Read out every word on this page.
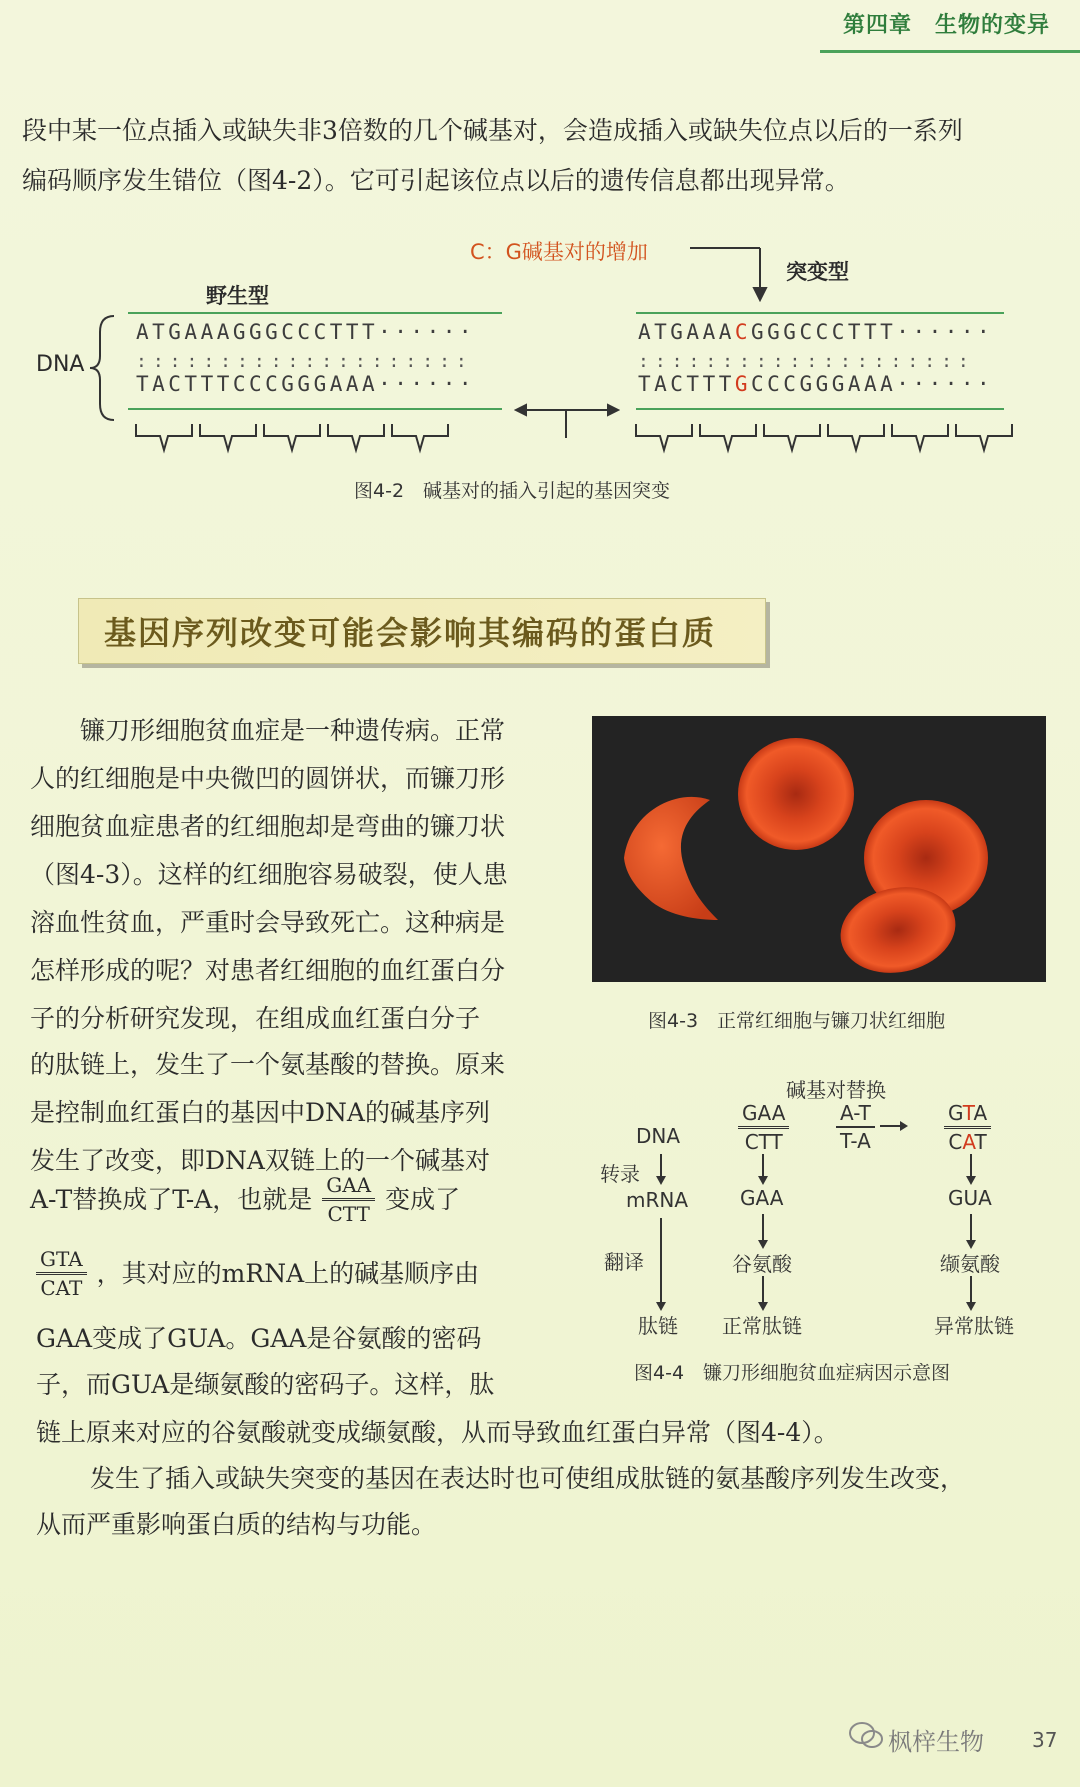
第四章　生物的变异
段中某一位点插入或缺失非3倍数的几个碱基对，会造成插入或缺失位点以后的一系列
编码顺序发生错位（图4-2）。它可引起该位点以后的遗传信息都出现异常。
DNA
野生型
ATGAAAGGGCCCTTT······
::::::::::::::::::::
TACTTTCCCGGGAAA······
C：G碱基对的增加
突变型
ATGAAACGGGCCCTTT······
::::::::::::::::::::
TACTTTGCCCGGGAAA······
图4-2　碱基对的插入引起的基因突变
基因序列改变可能会影响其编码的蛋白质
镰刀形细胞贫血症是一种遗传病。正常
人的红细胞是中央微凹的圆饼状，而镰刀形
细胞贫血症患者的红细胞却是弯曲的镰刀状
（图4-3）。这样的红细胞容易破裂，使人患
溶血性贫血，严重时会导致死亡。这种病是
怎样形成的呢？对患者红细胞的血红蛋白分
子的分析研究发现，在组成血红蛋白分子
的肽链上，发生了一个氨基酸的替换。原来
是控制血红蛋白的基因中DNA的碱基序列
发生了改变，即DNA双链上的一个碱基对
A-T替换成了T-A，也就是 $\frac{\text{GAA}}{\text{CTT}}$ 变成了
$\frac{\text{GTA}}{\text{CAT}}$ ，其对应的mRNA上的碱基顺序由
GAA变成了GUA。GAA是谷氨酸的密码
子，而GUA是缬氨酸的密码子。这样，肽
链上原来对应的谷氨酸就变成缬氨酸，从而导致血红蛋白异常（图4-4）。
发生了插入或缺失突变的基因在表达时也可使组成肽链的氨基酸序列发生改变，
从而严重影响蛋白质的结构与功能。
图4-3　正常红细胞与镰刀状红细胞
碱基对替换
DNA
转录
mRNA
翻译
肽链
GAA
CTT
GAA
谷氨酸
正常肽链
$\frac{A-T}{T-A}$	GTA
CAT
GUA
缬氨酸
异常肽链
图4-4　镰刀形细胞贫血症病因示意图
枫梓生物 37
